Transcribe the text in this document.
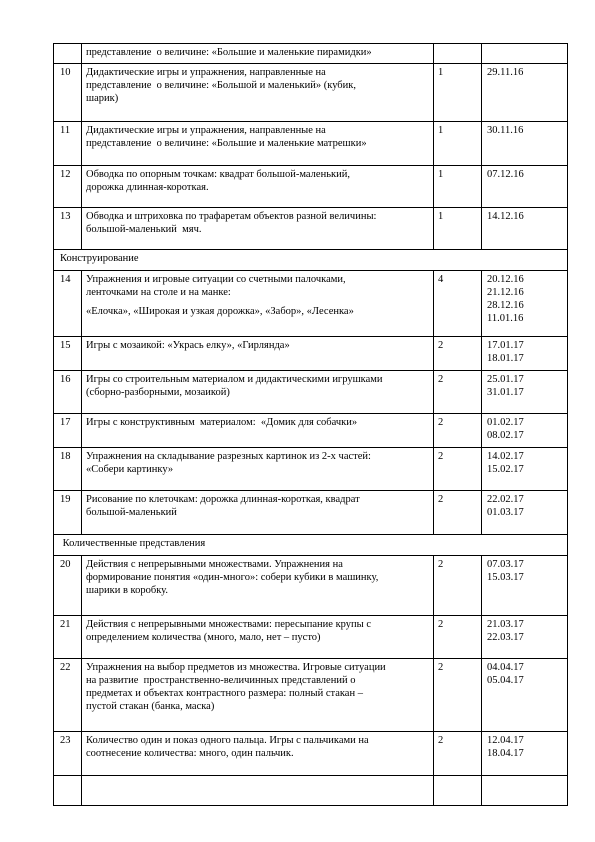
	представление  о величине: «Большие и маленькие пирамидки»		

10	Дидактические игры и упражнения, направленные на
представление  о величине: «Большой и маленький» (кубик,
шарик)	1	29.11.16

11	Дидактические игры и упражнения, направленные на
представление  о величине: «Большие и маленькие матрешки»	1	30.11.16

12	Обводка по опорным точкам: квадрат большой-маленький,
дорожка длинная-короткая.	1	07.12.16

13	Обводка и штриховка по трафаретам объектов разной величины:
большой-маленький  мяч.	1	14.12.16

Конструирование			
14	Упражнения и игровые ситуации со счетными палочками,
ленточками на столе и на манке:
«Елочка», «Широкая и узкая дорожка», «Забор», «Лесенка»	4	20.12.16
21.12.16
28.12.16
11.01.16

15	Игры с мозаикой: «Укрась елку», «Гирлянда»	2	17.01.17
18.01.17

16	Игры со строительным материалом и дидактическими игрушками
(сборно-разборными, мозаикой)	2	25.01.17
31.01.17

17	Игры с конструктивным  материалом:  «Домик для собачки»	2	01.02.17
08.02.17

18	Упражнения на складывание разрезных картинок из 2-х частей:
«Собери картинку»	2	14.02.17
15.02.17

19	Рисование по клеточкам: дорожка длинная-короткая, квадрат
большой-маленький	2	22.02.17
01.03.17

Количественные представления			
20	Действия с непрерывными множествами. Упражнения на
формирование понятия «один-много»: собери кубики в машинку,
шарики в коробку.	2	07.03.17
15.03.17

21	Действия с непрерывными множествами: пересыпание крупы с
определением количества (много, мало, нет – пусто)	2	21.03.17
22.03.17

22	Упражнения на выбор предметов из множества. Игровые ситуации
на развитие  пространственно-величинных представлений о
предметах и объектах контрастного размера: полный стакан –
пустой стакан (банка, маска)	2	04.04.17
05.04.17

23	Количество один и показ одного пальца. Игры с пальчиками на
соотнесение количества: много, один пальчик.	2	12.04.17
18.04.17
